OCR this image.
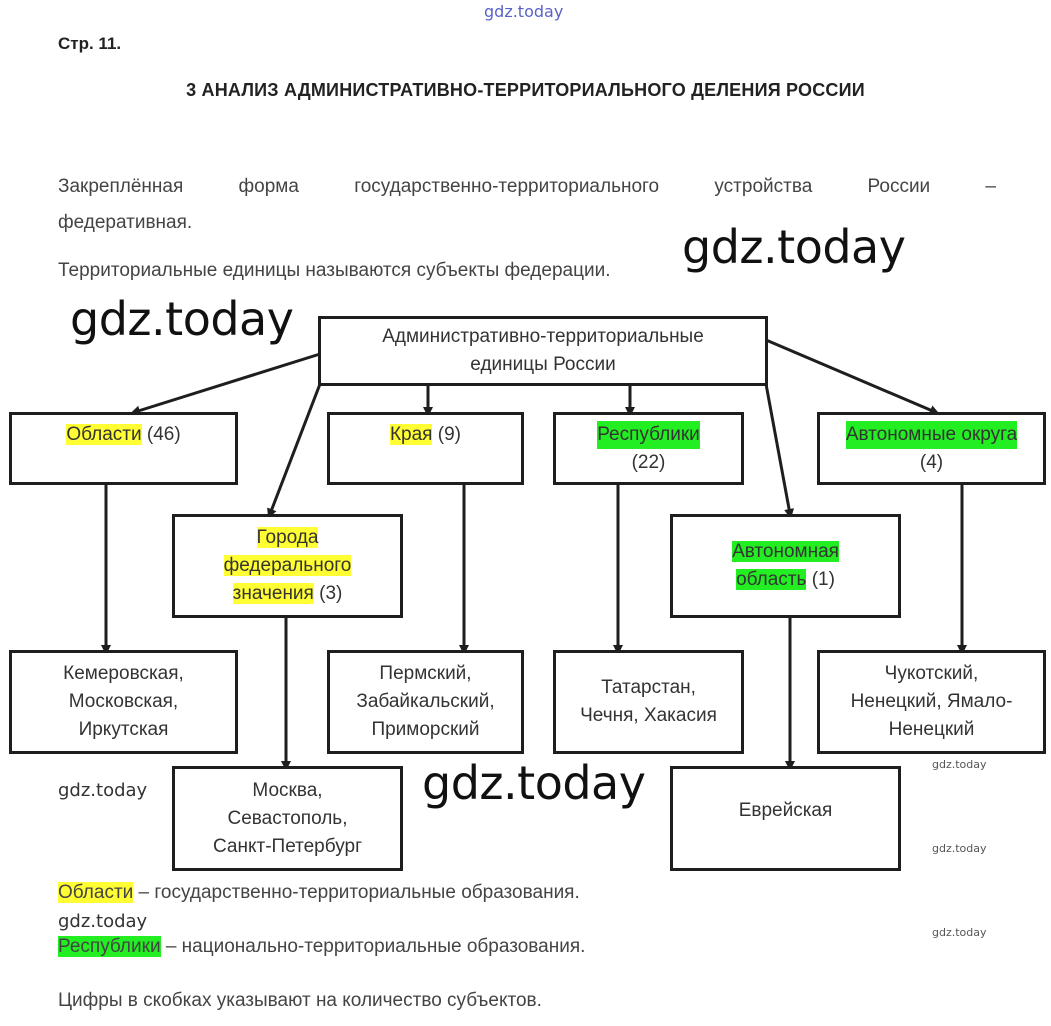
gdz.today
Стр. 11.
3 АНАЛИЗ АДМИНИСТРАТИВНО-ТЕРРИТОРИАЛЬНОГО ДЕЛЕНИЯ РОССИИ
Закреплённая форма государственно-территориального устройства России –
федеративная.
Территориальные единицы называются субъекты федерации.
Административно-территориальные
единицы России
Области (46)	Края (9)	Республики
(22)
Автономные округа
(4)
Города
федерального
значения (3)
Автономная
область (1)
Кемеровская,
Московская,
Иркутская
Пермский,
Забайкальский,
Приморский
Татарстан,
Чечня, Хакасия
Чукотский,
Ненецкий, Ямало-
Ненецкий
Москва,
Севастополь,
Санкт-Петербург
Еврейская
Области – государственно-территориальные образования.
Республики – национально-территориальные образования.
Цифры в скобках указывают на количество субъектов.
gdz.today
gdz.today
gdz.today
gdz.today
gdz.today
gdz.today
gdz.today
gdz.today
